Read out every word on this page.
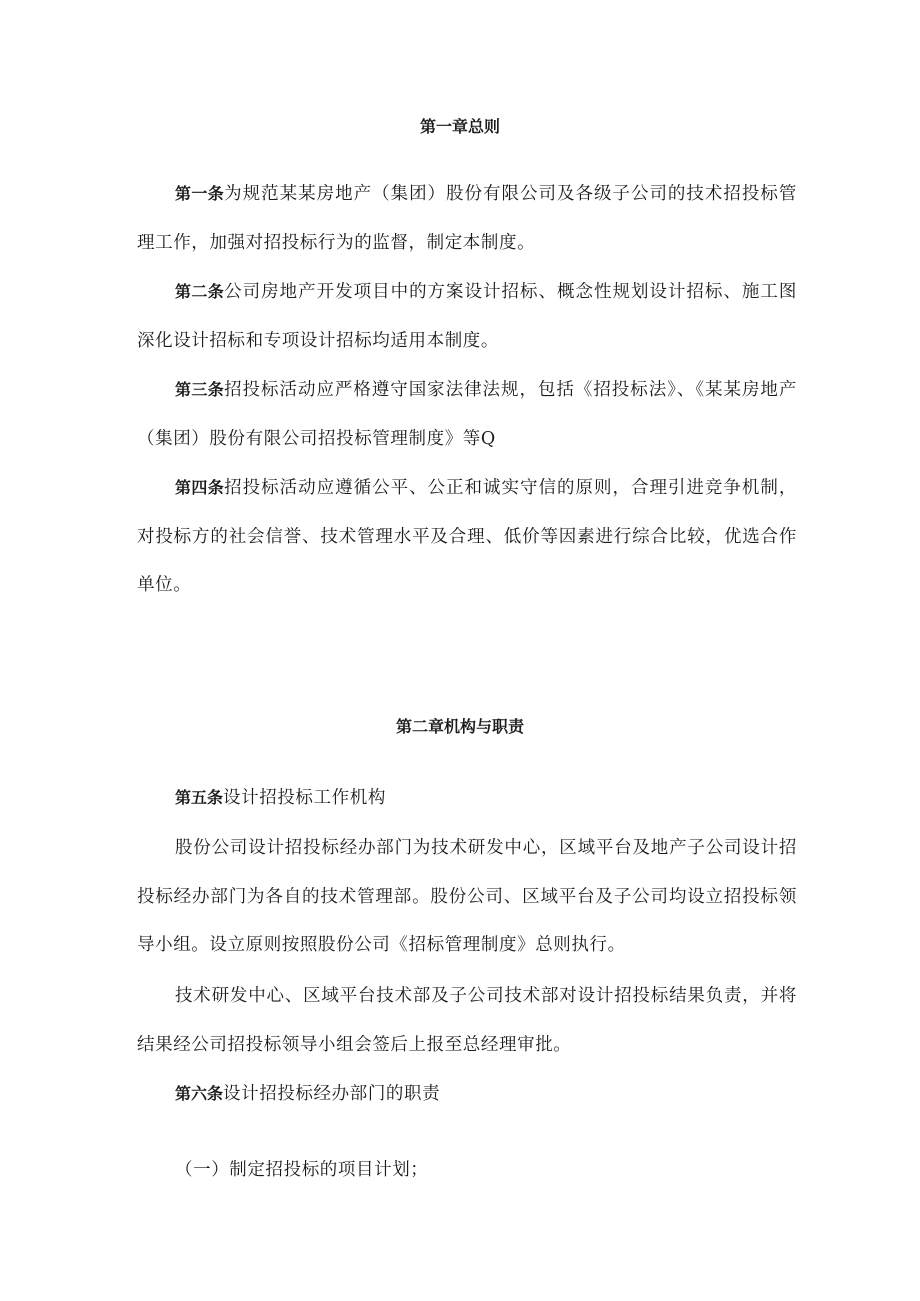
第一章总则

第一条为规范某某房地产（集团）股份有限公司及各级子公司的技术招投标管理工作，加强对招投标行为的监督，制定本制度。

第二条公司房地产开发项目中的方案设计招标、概念性规划设计招标、施工图深化设计招标和专项设计招标均适用本制度。

第三条招投标活动应严格遵守国家法律法规，包括《招投标法》、《某某房地产（集团）股份有限公司招投标管理制度》等Q

第四条招投标活动应遵循公平、公正和诚实守信的原则，合理引进竞争机制，对投标方的社会信誉、技术管理水平及合理、低价等因素进行综合比较，优选合作单位。

第二章机构与职责

第五条设计招投标工作机构

股份公司设计招投标经办部门为技术研发中心，区域平台及地产子公司设计招投标经办部门为各自的技术管理部。股份公司、区域平台及子公司均设立招投标领导小组。设立原则按照股份公司《招标管理制度》总则执行。

技术研发中心、区域平台技术部及子公司技术部对设计招投标结果负责，并将结果经公司招投标领导小组会签后上报至总经理审批。

第六条设计招投标经办部门的职责

（一）制定招投标的项目计划；
